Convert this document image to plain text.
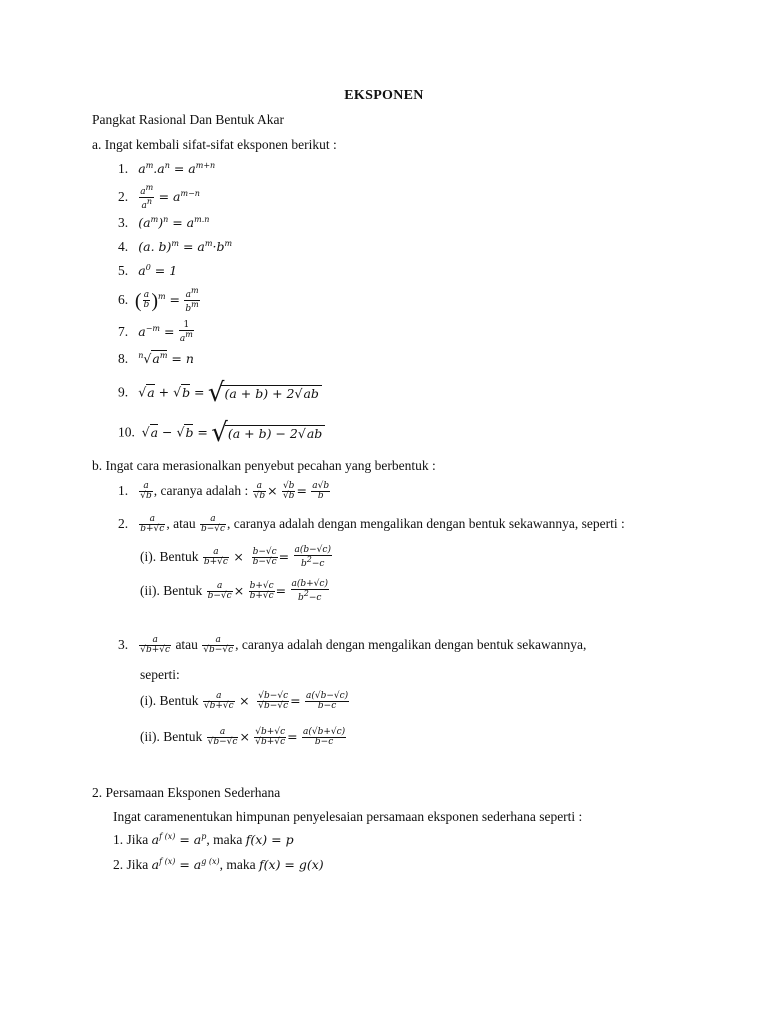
EKSPONEN
Pangkat Rasional Dan Bentuk Akar
a. Ingat kembali sifat-sifat eksponen berikut :
1. $a^m.a^n = a^{m+n}$
2. $\frac{a^m}{a^n} = a^{m-n}$
3. $(a^m)^n = a^{m.n}$
4. (a. $b)^m = a^m\cdot b^m$
5. $a^0 = 1$
6. ( $\frac{a}{b} )^m = \frac{a^m}{b^m}$
7. $a^{-m} = \frac{1}{a^m}$
8. $^n√a^m = n$
9. √a + √b = √(a + b) + 2√ab
10. √a − √b = √(a + b) − 2√ab
b. Ingat cara merasionalkan penyebut pecahan yang berbentuk :
1. $\frac{a}{√b}$ , caranya adalah : $\frac{a}{√b} \times \frac{√b}{√b} = \frac{a√b}{b}$
2. $\frac{a}{b+√c}$ , atau $\frac{a}{b-√c}$ , caranya adalah dengan mengalikan dengan bentuk sekawannya, seperti :
(i). Bentuk $\frac{a}{b+√c} \times \frac{b-√c}{b-√c} = \frac{a(b-√c)}{b^2-c}$
(ii). Bentuk $\frac{a}{b-√c} \times \frac{b+√c}{b+√c} = \frac{a(b+√c)}{b^2-c}$
3. $\frac{a}{√b+√c}$ atau $\frac{a}{√b-√c}$ , caranya adalah dengan mengalikan dengan bentuk sekawannya,
seperti:
(i). Bentuk $\frac{a}{√b+√c} \times \frac{√b-√c}{√b-√c} = \frac{a(√b-√c)}{b-c}$
(ii). Bentuk $\frac{a}{√b-√c} \times \frac{√b+√c}{√b+√c} = \frac{a(√b+√c)}{b-c}$
2. Persamaan Eksponen Sederhana
Ingat caramenentukan himpunan penyelesaian persamaan eksponen sederhana seperti :
1. Jika $a^{f (x)} = a^p$, maka f(x) = p
2. Jika $a^{f (x)} = a^{g (x)}$, maka f(x) = g(x)
